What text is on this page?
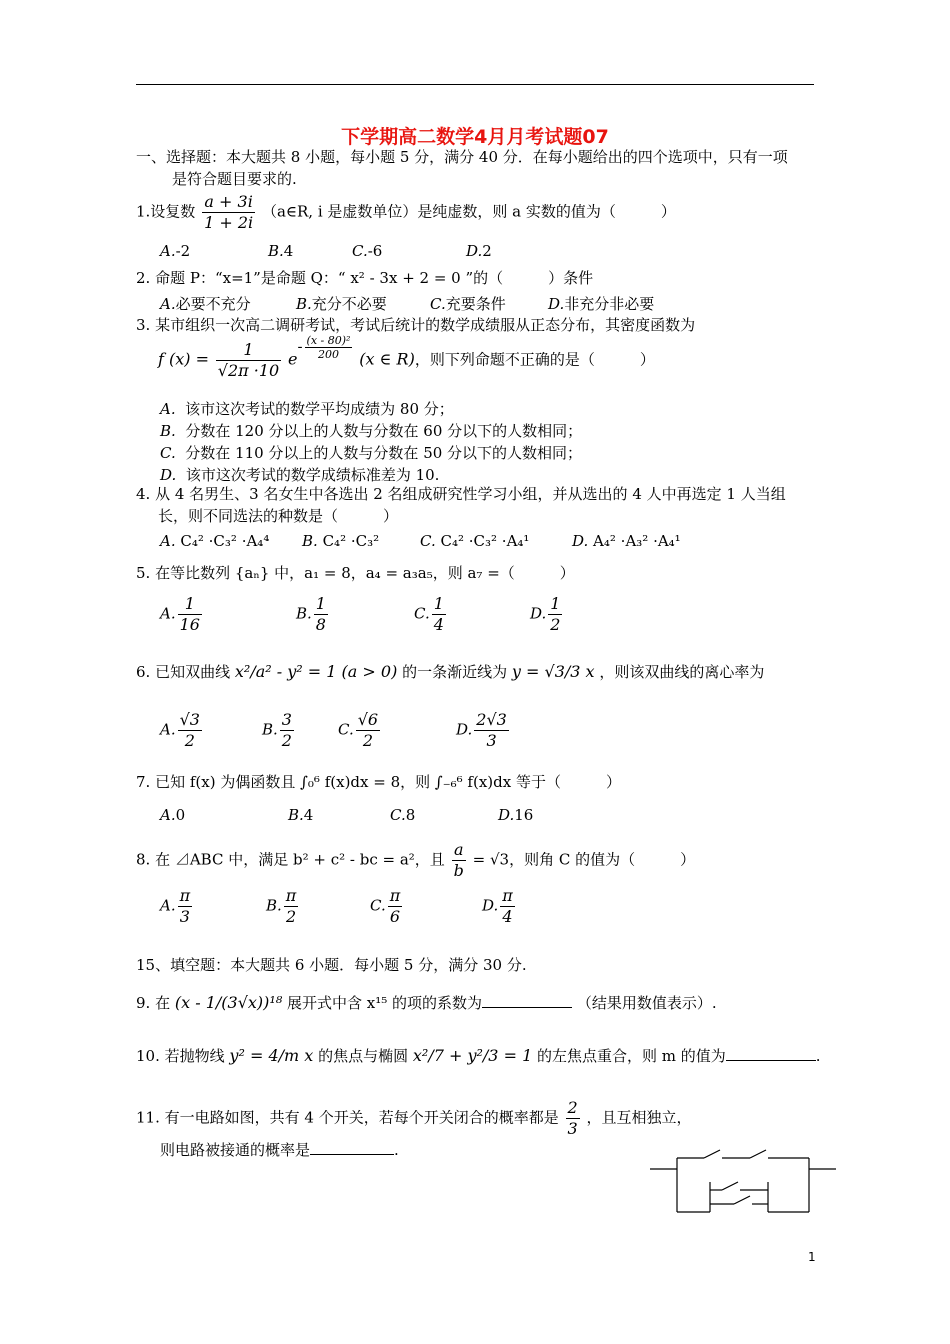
下学期高二数学4月月考试题07
一、选择题：本大题共 8 小题，每小题 5 分，满分 40 分．在每小题给出的四个选项中，只有一项
是符合题目要求的.
1.设复数 $\frac{a + 3i}{1 + 2i}$ （a∈R, i 是虚数单位）是纯虚数，则 a 实数的值为（　　　）
A.-2	B.4	C.-6	D.2
2. 命题 P：“x=1”是命题 Q：“ x² - 3x + 2 = 0 ”的（　　　）条件
A.必要不充分	B.充分不必要	C.充要条件	D.非充分非必要
3. 某市组织一次高二调研考试，考试后统计的数学成绩服从正态分布，其密度函数为
f $(x) = \frac{1}{√2\pi \cdot 10} e- \frac{\text{(x - 80)²}}{200} (x$ ∈ R)，则下列命题不正确的是（　　　）
A. 该市这次考试的数学平均成绩为 80 分；
B. 分数在 120 分以上的人数与分数在 60 分以下的人数相同；
C. 分数在 110 分以上的人数与分数在 50 分以下的人数相同；
D. 该市这次考试的数学成绩标准差为 10.
4. 从 4 名男生、3 名女生中各选出 2 名组成研究性学习小组，并从选出的 4 人中再选定 1 人当组
长，则不同选法的种数是（　　　）
A. C₄² ·C₃² ·A₄⁴ B. C₄² ·C₃²	C. C₄² ·C₃² ·A₄¹	D. A₄² ·A₃² ·A₄¹
5. 在等比数列 {aₙ} 中，a₁ = 8，a₄ = a₃a₅，则 a₇ =（　　　）
A. $\frac{1}{16}$	B. $\frac{1}{8}$	C. $\frac{1}{4}$	D. $\frac{1}{2}$
6. 已知双曲线 x²/a² - y² = 1 (a > 0) 的一条渐近线为 y = √3/3 x ，则该双曲线的离心率为
A. $\frac{√3}{2}$	B. $\frac{3}{2}$	C. $\frac{√6}{2}$	D. $\frac{2√3}{3}$
7. 已知 f(x) 为偶函数且 ∫₀⁶ f(x)dx = 8，则 ∫₋₆⁶ f(x)dx 等于（　　　）
A.0	B.4	C.8	D.16
8. 在 ⊿ABC 中，满足 b² + c² - bc = a²，且 $\frac{a}{b} = √3$，则角 C 的值为（　　　）
A. $\frac{\pi}{3}$	B. $\frac{\pi}{2}$	C. $\frac{\pi}{6}$	D. $\frac{\pi}{4}$
15、填空题：本大题共 6 小题．每小题 5 分，满分 30 分.
9. 在 (x - 1/(3√x))¹⁸ 展开式中含 x¹⁵ 的项的系数为	（结果用数值表示）.
10. 若抛物线 y² = 4/m x 的焦点与椭圆 x²/7 + y²/3 = 1 的左焦点重合，则 m 的值为	.
11. 有一电路如图，共有 4 个开关，若每个开关闭合的概率都是 $\frac{2}{3}$ ，且互相独立，
则电路被接通的概率是	.
1
